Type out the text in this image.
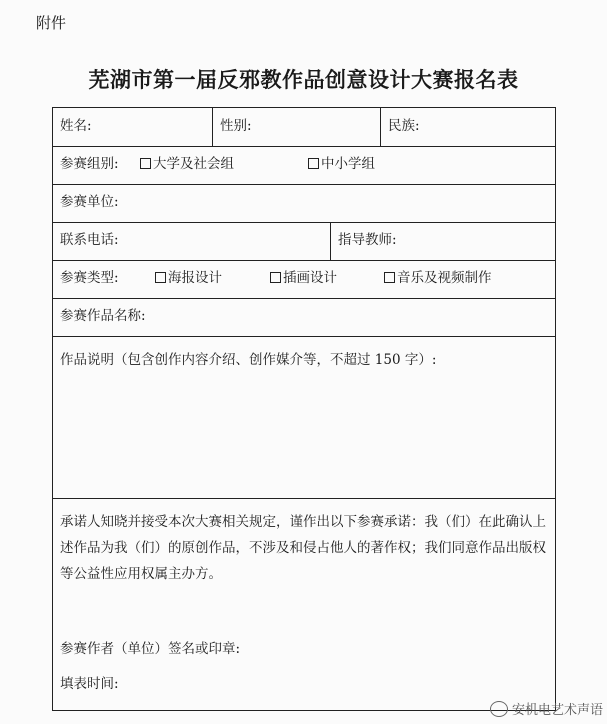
附件
芜湖市第一届反邪教作品创意设计大赛报名表
姓名:	性别:	民族:
参赛组别:	大学及社会组	中小学组
参赛单位:
联系电话:	指导教师:
参赛类型:	海报设计	插画设计	音乐及视频制作
参赛作品名称:
作品说明（包含创作内容介绍、创作媒介等，不超过 150 字）:
承诺人知晓并接受本次大赛相关规定，谨作出以下参赛承诺：我（们）在此确认上述作品为我（们）的原创作品，不涉及和侵占他人的著作权；我们同意作品出版权等公益性应用权属主办方。
参赛作者（单位）签名或印章:
填表时间:
安机电艺术声语
